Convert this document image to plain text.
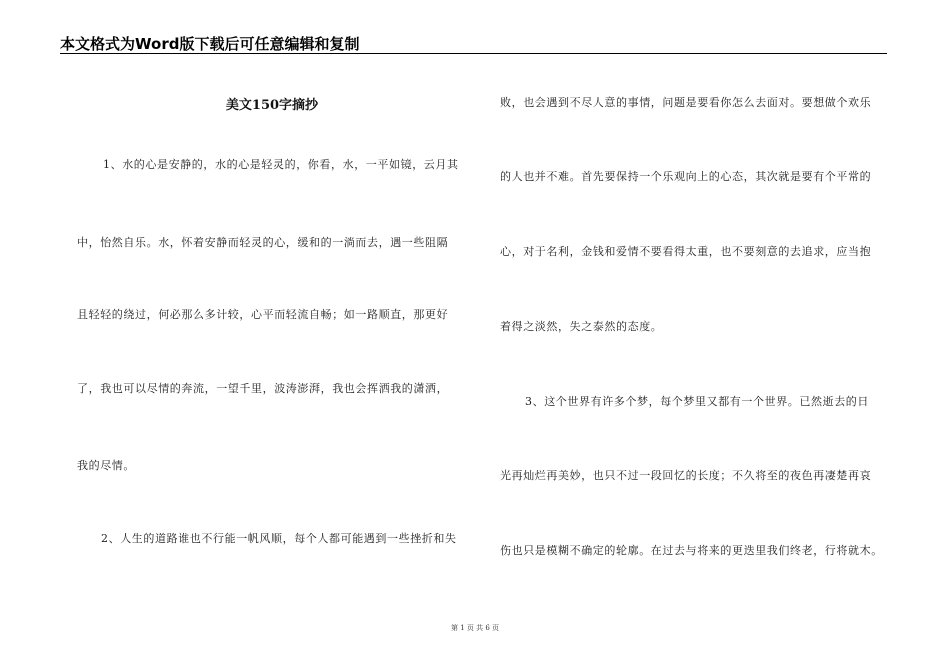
本文格式为Word版下载后可任意编辑和复制
美文150字摘抄
1、水的心是安静的，水的心是轻灵的，你看，水，一平如镜，云月其
中，怡然自乐。水，怀着安静而轻灵的心，缓和的一淌而去，遇一些阻隔
且轻轻的绕过，何必那么多计较，心平而轻流自畅；如一路顺直，那更好
了，我也可以尽情的奔流，一望千里，波涛澎湃，我也会挥洒我的潇洒，
我的尽情。
2、人生的道路谁也不行能一帆风顺，每个人都可能遇到一些挫折和失
败，也会遇到不尽人意的事情，问题是要看你怎么去面对。要想做个欢乐
的人也并不难。首先要保持一个乐观向上的心态，其次就是要有个平常的
心，对于名利，金钱和爱情不要看得太重，也不要刻意的去追求，应当抱
着得之淡然，失之泰然的态度。
3、这个世界有许多个梦，每个梦里又都有一个世界。已然逝去的日
光再灿烂再美妙，也只不过一段回忆的长度；不久将至的夜色再凄楚再哀
伤也只是模糊不确定的轮廓。在过去与将来的更迭里我们终老，行将就木。
第 1 页 共 6 页
